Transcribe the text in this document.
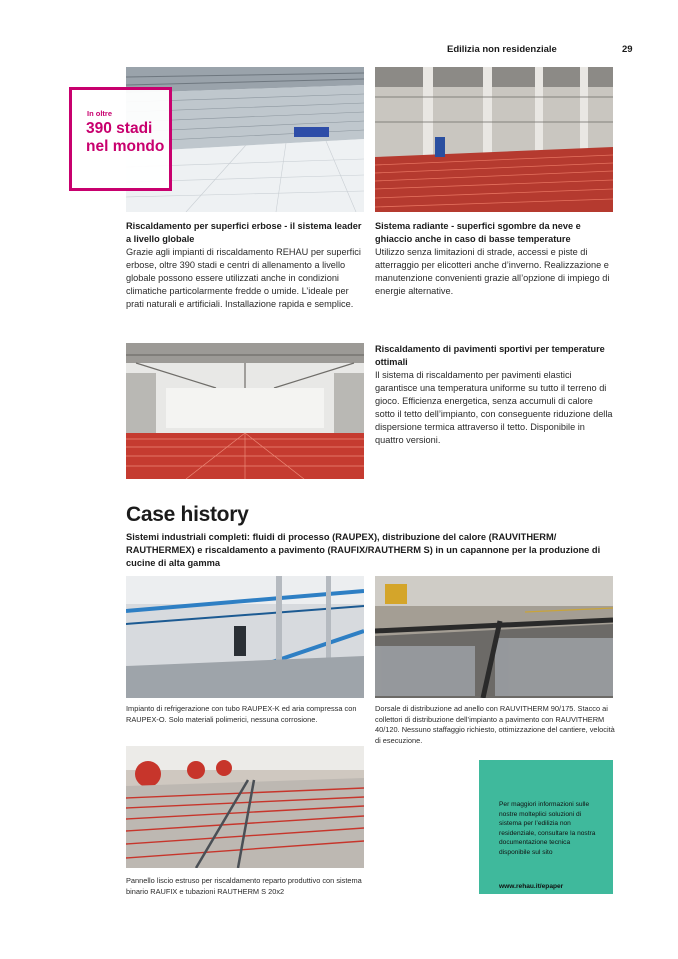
Edilizia non residenziale	29
In oltre
390 stadi
nel mondo

Riscaldamento per superfici erbose - il sistema leader a livello globale

Grazie agli impianti di riscaldamento REHAU per superfici erbose, oltre 390 stadi e centri di allenamento a livello globale possono essere utilizzati anche in condizioni climatiche particolarmente fredde o umide. L’ideale per prati naturali e artificiali. Installazione rapida e semplice.

Sistema radiante - superfici sgombre da neve e ghiaccio anche in caso di basse temperature

Utilizzo senza limitazioni di strade, accessi e piste di atterraggio per elicotteri anche d’inverno. Realizzazione e manutenzione convenienti grazie all’opzione di impiego di energie alternative.

Riscaldamento di pavimenti sportivi per temperature ottimali

Il sistema di riscaldamento per pavimenti elastici garantisce una temperatura uniforme su tutto il terreno di gioco. Efficienza energetica, senza accumuli di calore sotto il tetto dell’impianto, con conseguente riduzione della dispersione termica attraverso il tetto. Disponibile in quattro versioni.

Case history
Sistemi industriali completi: fluidi di processo (RAUPEX), distribuzione del calore (RAUVITHERM/ RAUTHERMEX) e riscaldamento a pavimento (RAUFIX/RAUTHERM S) in un capannone per la produzione di cucine di alta gamma
Impianto di refrigerazione con tubo RAUPEX-K ed aria compressa con RAUPEX-O. Solo materiali polimerici, nessuna corrosione.
Dorsale di distribuzione ad anello con RAUVITHERM 90/175. Stacco ai collettori di distribuzione dell’impianto a pavimento con RAUVITHERM 40/120. Nessuno staffaggio richiesto, ottimizzazione del cantiere, velocità di esecuzione.
Pannello liscio estruso per riscaldamento reparto produttivo con sistema binario RAUFIX e tubazioni RAUTHERM S 20x2
Per maggiori informazioni sulle nostre molteplici soluzioni di sistema per l’edilizia non residenziale, consultare la nostra documentazione tecnica disponibile sul sito
www.rehau.it/epaper
